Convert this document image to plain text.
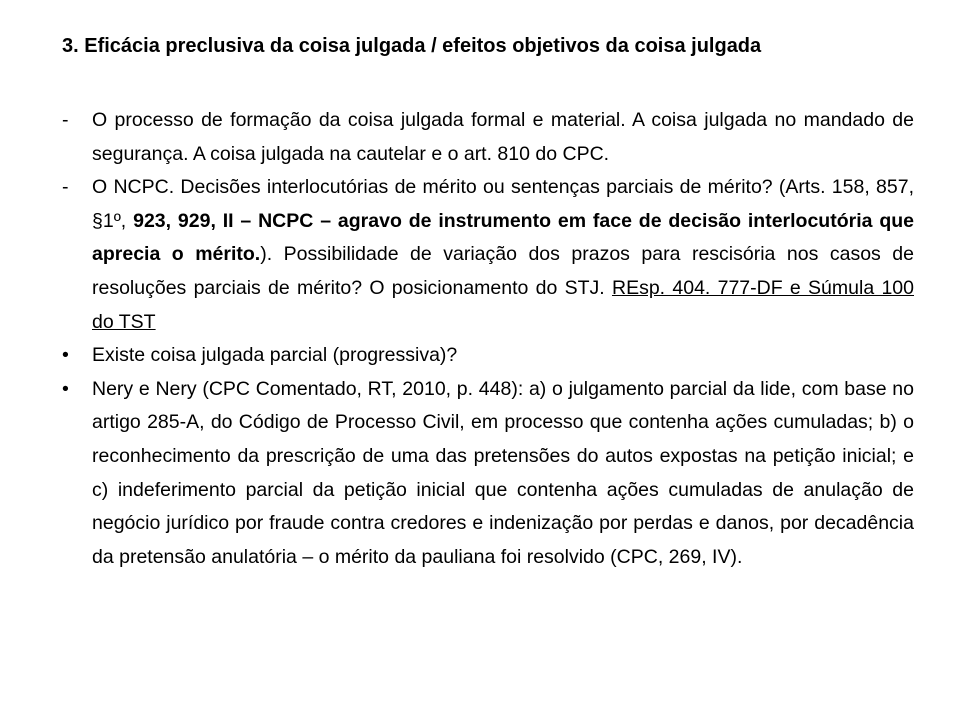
3. Eficácia preclusiva da coisa julgada / efeitos objetivos da coisa julgada
-	O processo de formação da coisa julgada formal e material. A coisa julgada no mandado de segurança. A coisa julgada na cautelar e o art. 810 do CPC.
-	O NCPC. Decisões interlocutórias de mérito ou sentenças parciais de mérito? (Arts. 158, 857, §1º, 923, 929, II – NCPC – agravo de instrumento em face de decisão interlocutória que aprecia o mérito.). Possibilidade de variação dos prazos para rescisória nos casos de resoluções parciais de mérito? O posicionamento do STJ. REsp. 404. 777-DF e Súmula 100 do TST
•	Existe coisa julgada parcial (progressiva)?
•	Nery e Nery (CPC Comentado, RT, 2010, p. 448): a) o julgamento parcial da lide, com base no artigo 285-A, do Código de Processo Civil, em processo que contenha ações cumuladas; b) o reconhecimento da prescrição de uma das pretensões do autos expostas na petição inicial; e c) indeferimento parcial da petição inicial que contenha ações cumuladas de anulação de negócio jurídico por fraude contra credores e indenização por perdas e danos, por decadência da pretensão anulatória – o mérito da pauliana foi resolvido (CPC, 269, IV).
